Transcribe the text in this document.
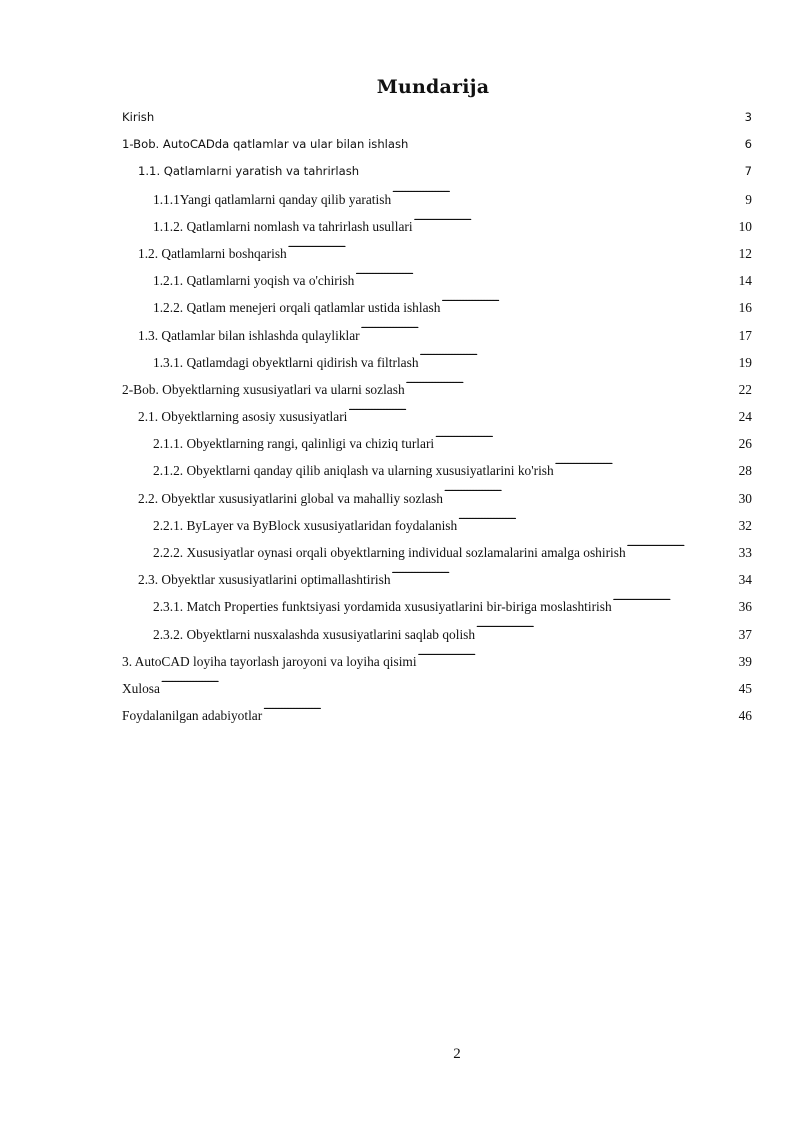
Mundarija
Kirish . . .	3
1-Bob. AutoCADda qatlamlar va ular bilan ishlash . . .	6
1.1. Qatlamlarni yaratish va tahrirlash . . .	7
1.1.1Yangi qatlamlarni qanday qilib yaratish . . .	9
1.1.2. Qatlamlarni nomlash va tahrirlash usullari . . .	10
1.2. Qatlamlarni boshqarish . . .	12
1.2.1. Qatlamlarni yoqish va o'chirish . . .	14
1.2.2. Qatlam menejeri orqali qatlamlar ustida ishlash . . .	16
1.3. Qatlamlar bilan ishlashda qulayliklar . . .	17
1.3.1. Qatlamdagi obyektlarni qidirish va filtrlash . . .	19
2-Bob. Obyektlarning xususiyatlari va ularni sozlash . . .	22
2.1. Obyektlarning asosiy xususiyatlari . . .	24
2.1.1. Obyektlarning rangi, qalinligi va chiziq turlari . . .	26
2.1.2. Obyektlarni qanday qilib aniqlash va ularning xususiyatlarini ko'rish . . .	28
2.2. Obyektlar xususiyatlarini global va mahalliy sozlash . . .	30
2.2.1. ByLayer va ByBlock xususiyatlaridan foydalanish . . .	32
2.2.2. Xususiyatlar oynasi orqali obyektlarning individual sozlamalarini amalga oshirish . . .	33
2.3. Obyektlar xususiyatlarini optimallashtirish . . .	34
2.3.1. Match Properties funktsiyasi yordamida xususiyatlarini bir-biriga moslashtirish . . .	36
2.3.2. Obyektlarni nusxalashda xususiyatlarini saqlab qolish . . .	37
3. AutoCAD loyiha tayorlash jaroyoni va loyiha qisimi . . .	39
Xulosa . . .	45
Foydalanilgan adabiyotlar . . .	46
2
